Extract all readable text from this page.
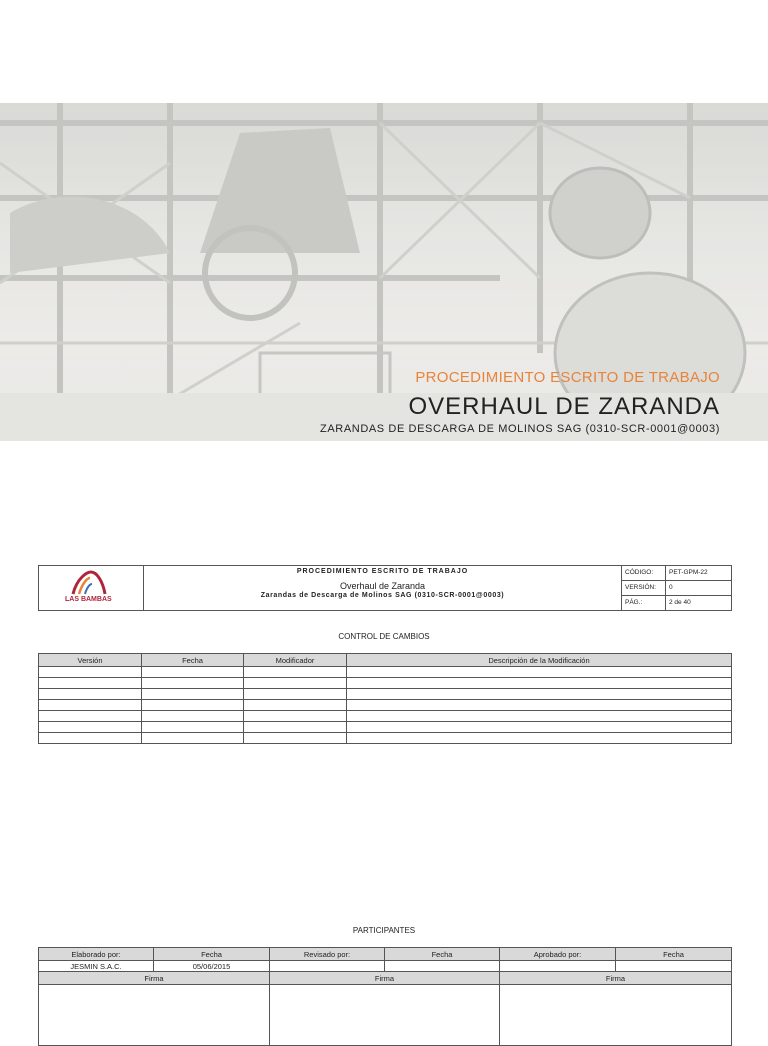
PROCEDIMIENTO ESCRITO DE TRABAJO
OVERHAUL DE ZARANDA
ZARANDAS DE DESCARGA DE MOLINOS SAG (0310-SCR-0001@0003)
LAS BAMBAS
PROCEDIMIENTO ESCRITO DE TRABAJO
Overhaul de Zaranda
Zarandas de Descarga de Molinos SAG (0310-SCR-0001@0003)
CÓDIGO: PET-GPM-22
VERSIÓN: 0
PÁG.:	2 de 40
CONTROL DE CAMBIOS
Versión	Fecha	Modificador	Descripción de la Modificación

PARTICIPANTES
Elaborado por:	Fecha	Revisado por:	Fecha	Aprobado por:	Fecha
JESMIN S.A.C.	05/06/2015				
Firma		Firma		Firma	
